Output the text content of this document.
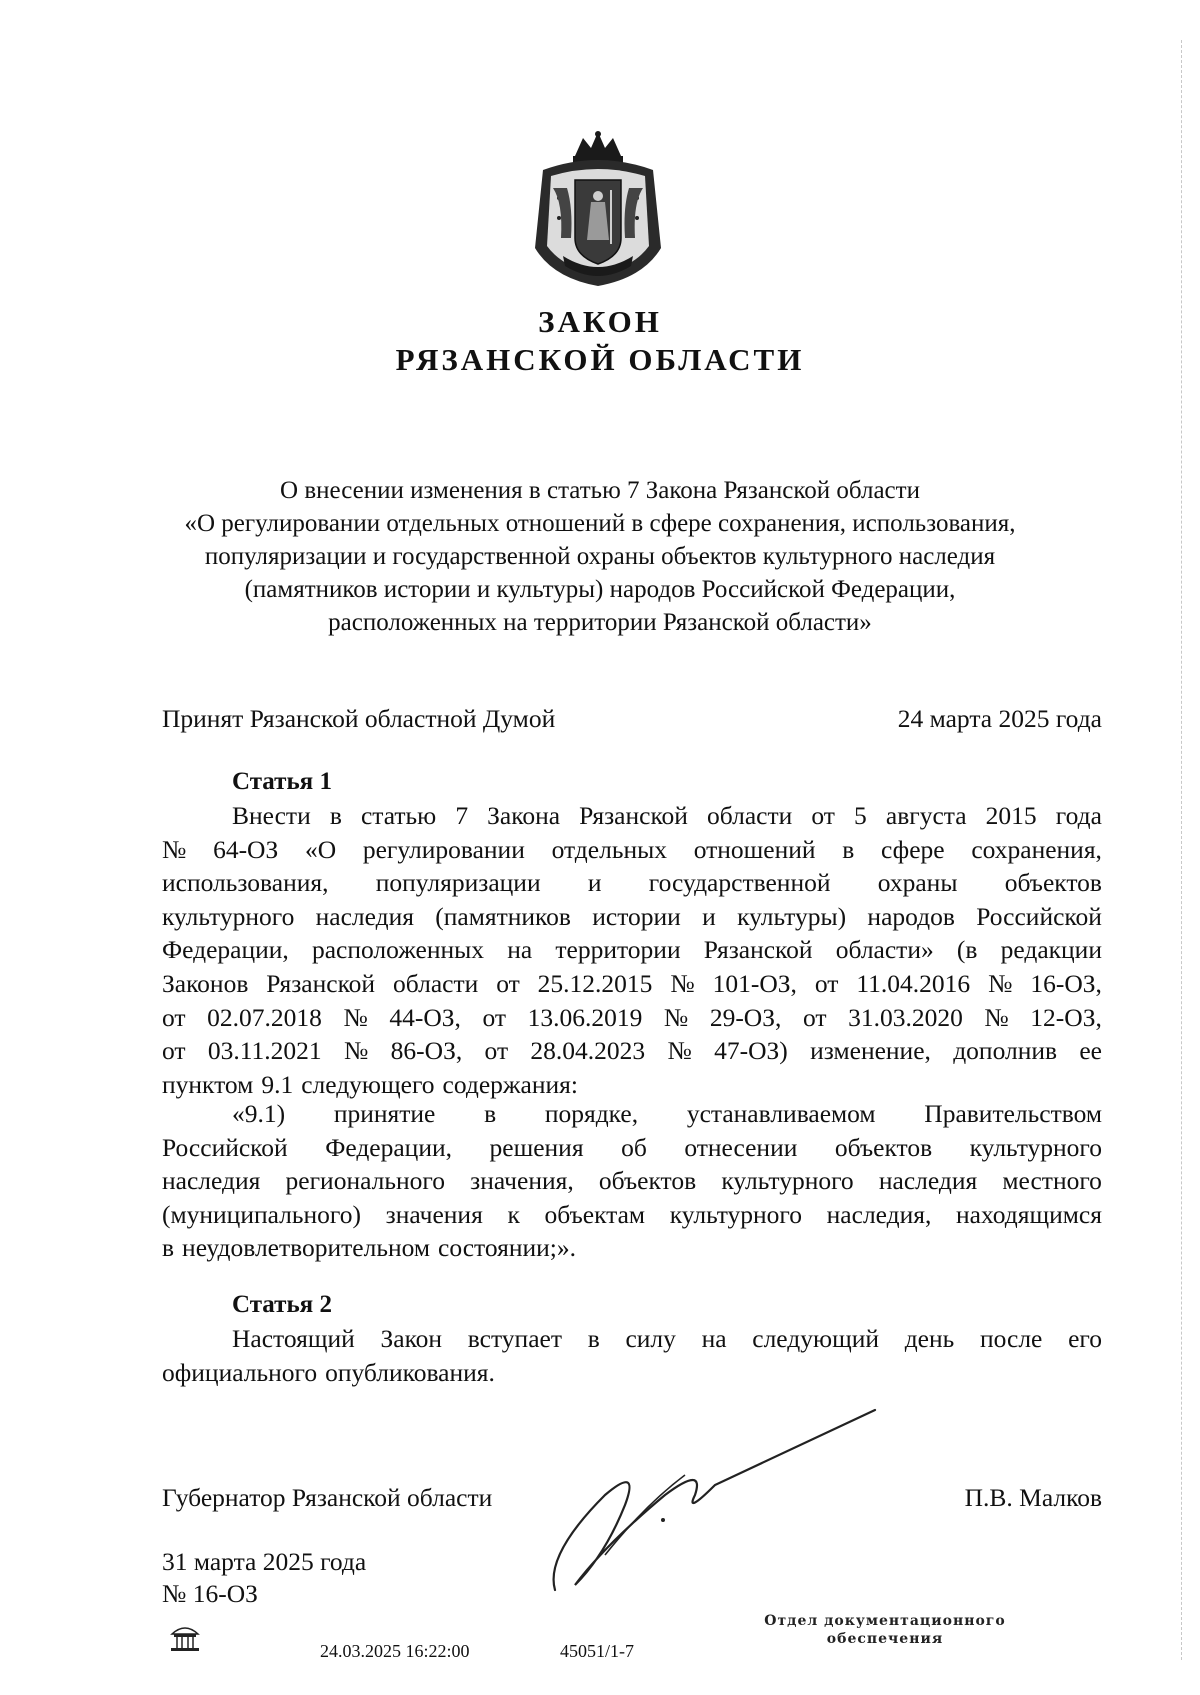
ЗАКОН
РЯЗАНСКОЙ ОБЛАСТИ
О внесении изменения в статью 7 Закона Рязанской области
«О регулировании отдельных отношений в сфере сохранения, использования,
популяризации и государственной охраны объектов культурного наследия
(памятников истории и культуры) народов Российской Федерации,
расположенных на территории Рязанской области»
Принят Рязанской областной Думой	24 марта 2025 года
Статья 1
Внести в статью 7 Закона Рязанской области от 5 августа 2015 года
№ 64-ОЗ «О регулировании отдельных отношений в сфере сохранения,
использования, популяризации и государственной охраны объектов
культурного наследия (памятников истории и культуры) народов Российской
Федерации, расположенных на территории Рязанской области» (в редакции
Законов Рязанской области от 25.12.2015 № 101-ОЗ, от 11.04.2016 № 16-ОЗ,
от 02.07.2018 № 44-ОЗ, от 13.06.2019 № 29-ОЗ, от 31.03.2020 № 12-ОЗ,
от 03.11.2021 № 86-ОЗ, от 28.04.2023 № 47-ОЗ) изменение, дополнив ее
пунктом 9.1 следующего содержания:
«9.1) принятие в порядке, устанавливаемом Правительством
Российской Федерации, решения об отнесении объектов культурного
наследия регионального значения, объектов культурного наследия местного
(муниципального) значения к объектам культурного наследия, находящимся
в неудовлетворительном состоянии;».
Статья 2
Настоящий Закон вступает в силу на следующий день после его
официального опубликования.
Губернатор Рязанской области	П.В. Малков
31 марта 2025 года
№ 16-ОЗ
24.03.2025 16:22:00	45051/1-7
Отдел документационного
обеспечения
